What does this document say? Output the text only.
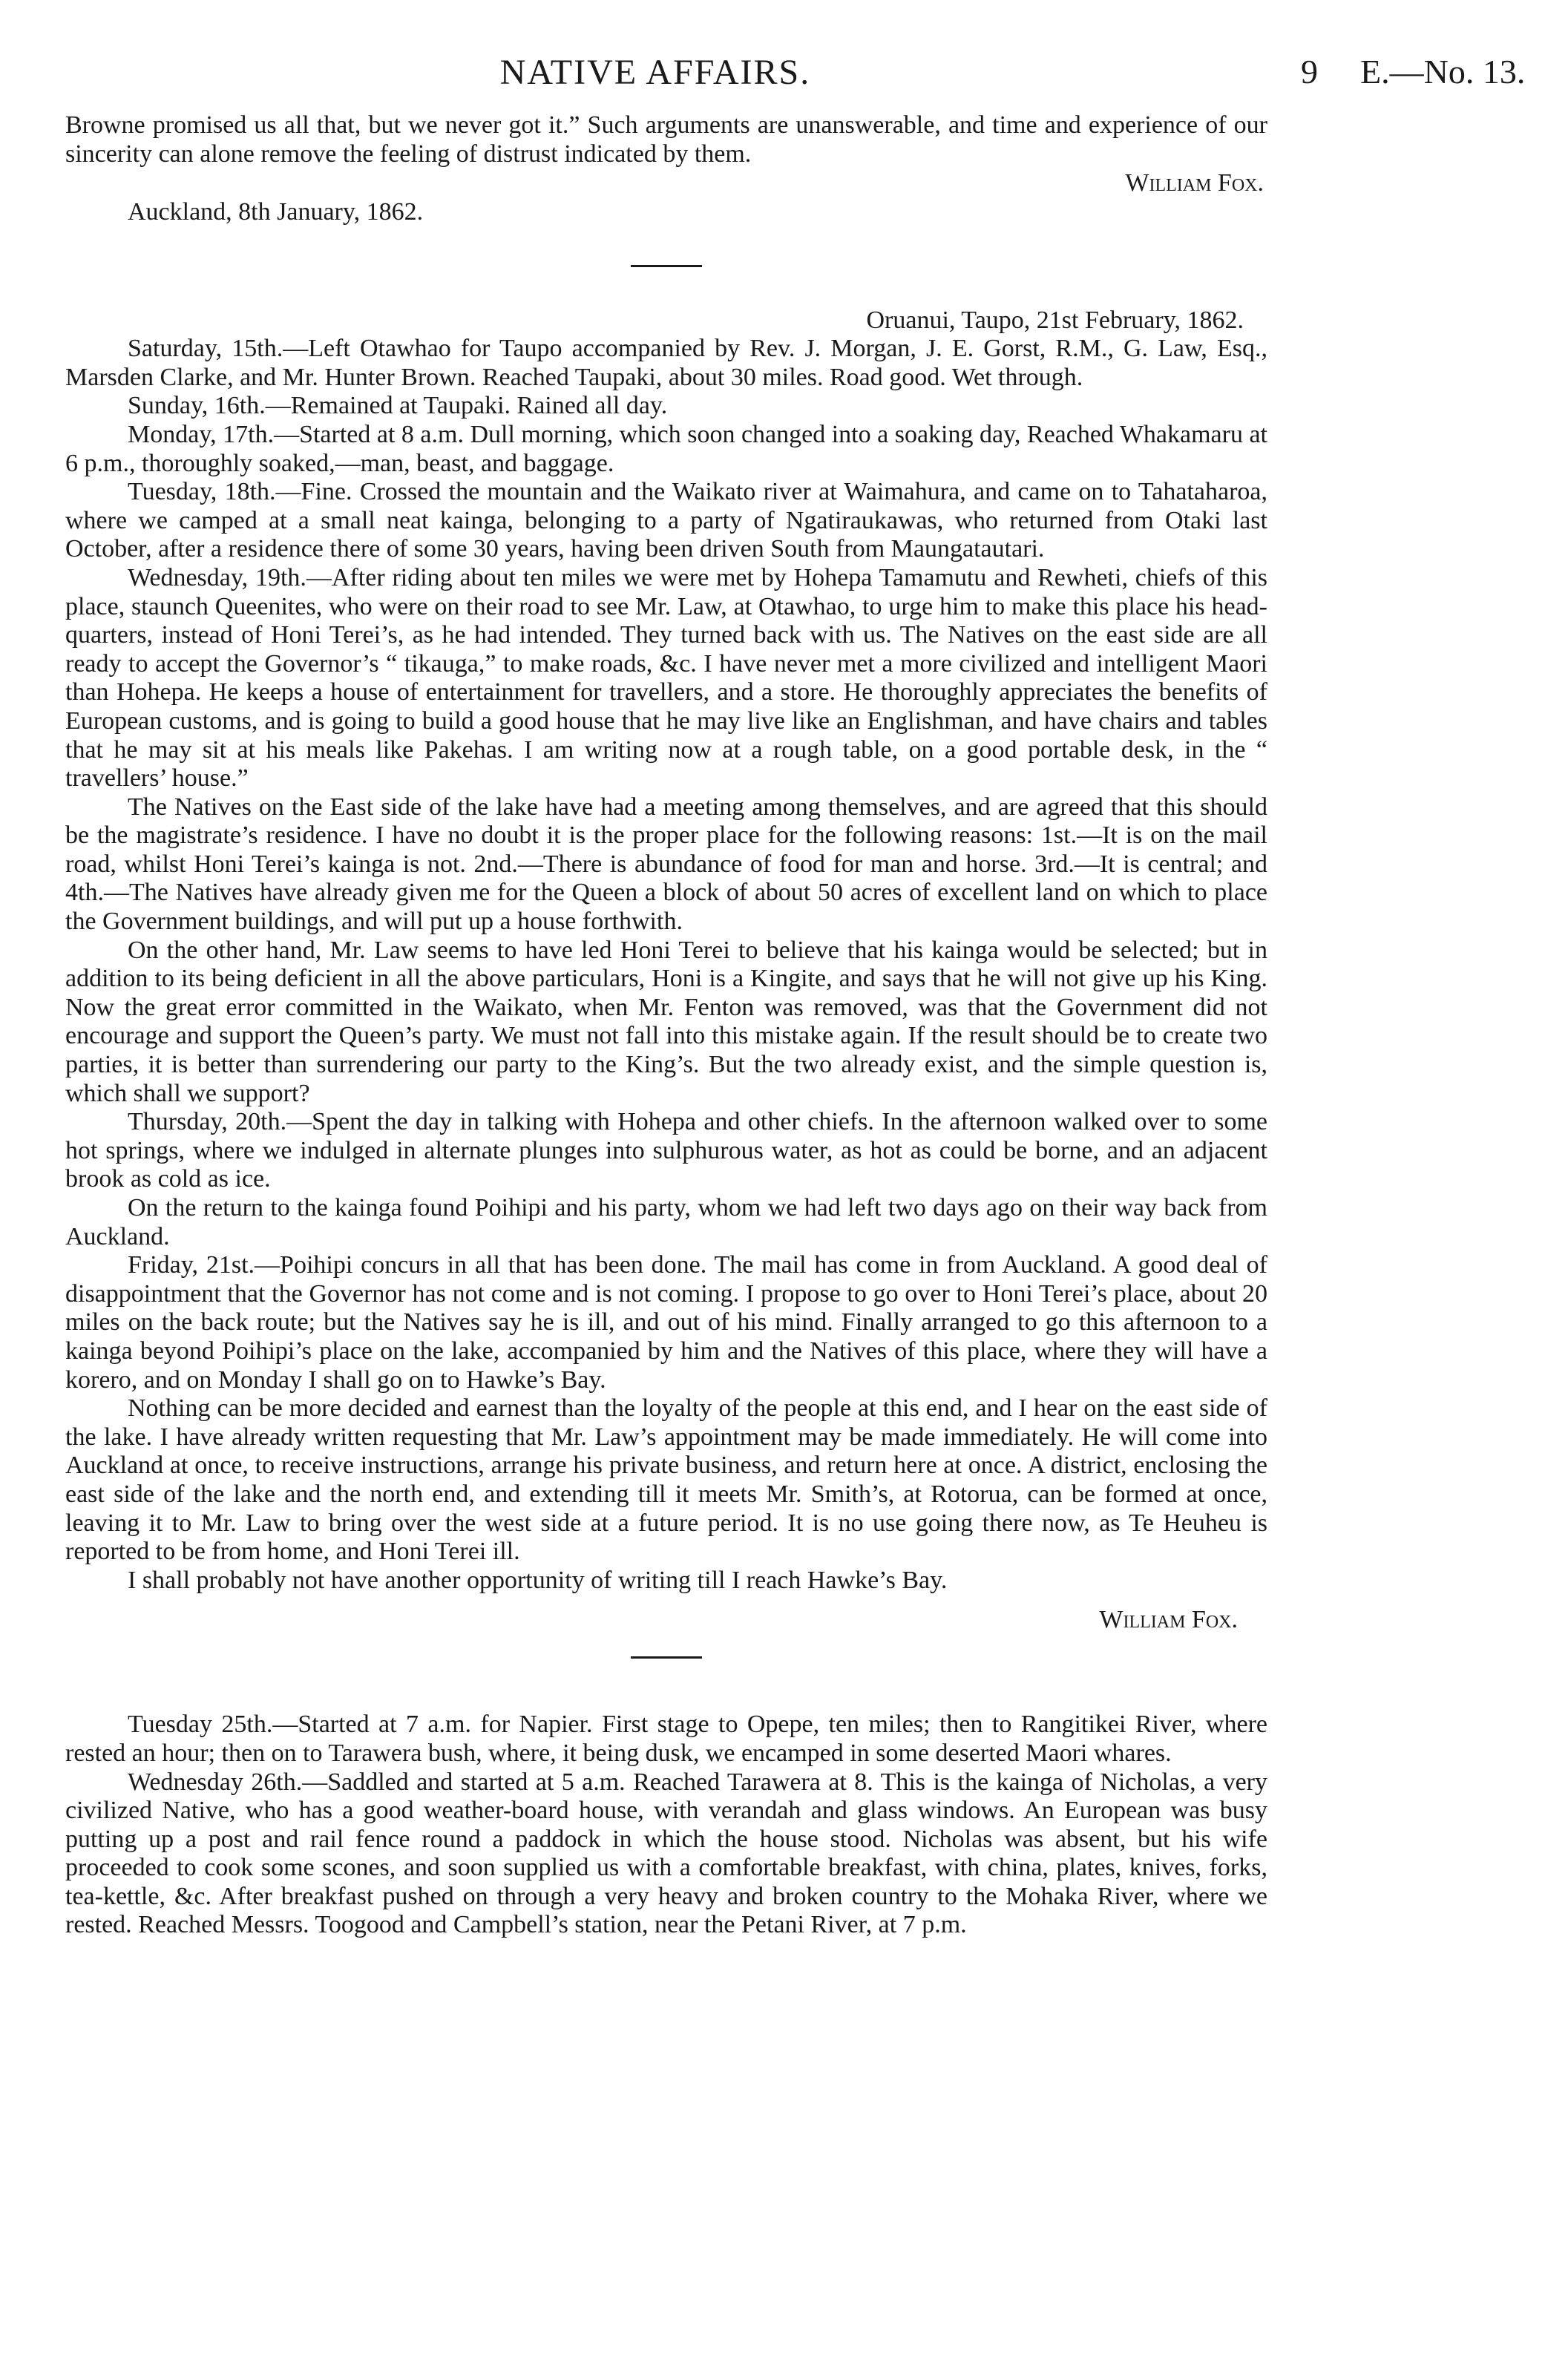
NATIVE AFFAIRS.	9 E.—No. 13.

Browne promised us all that, but we never got it.” Such arguments are unanswerable, and time and experience of our sincerity can alone remove the feeling of distrust indicated by them.

William Fox.
Auckland, 8th January, 1862.
Oruanui, Taupo, 21st February, 1862.

Saturday, 15th.—Left Otawhao for Taupo accompanied by Rev. J. Morgan, J. E. Gorst, R.M., G. Law, Esq., Marsden Clarke, and Mr. Hunter Brown. Reached Taupaki, about 30 miles. Road good. Wet through.

Sunday, 16th.—Remained at Taupaki. Rained all day.

Monday, 17th.—Started at 8 a.m. Dull morning, which soon changed into a soaking day, Reached Whakamaru at 6 p.m., thoroughly soaked,—man, beast, and baggage.

Tuesday, 18th.—Fine. Crossed the mountain and the Waikato river at Waimahura, and came on to Tahataharoa, where we camped at a small neat kainga, belonging to a party of Ngatiraukawas, who returned from Otaki last October, after a residence there of some 30 years, having been driven South from Maungatautari.

Wednesday, 19th.—After riding about ten miles we were met by Hohepa Tamamutu and Rewheti, chiefs of this place, staunch Queenites, who were on their road to see Mr. Law, at Otawhao, to urge him to make this place his head-quarters, instead of Honi Terei’s, as he had intended. They turned back with us. The Natives on the east side are all ready to accept the Governor’s “ tikauga,” to make roads, &c. I have never met a more civilized and intelligent Maori than Hohepa. He keeps a house of entertainment for travellers, and a store. He thoroughly appreciates the benefits of European customs, and is going to build a good house that he may live like an Englishman, and have chairs and tables that he may sit at his meals like Pakehas. I am writing now at a rough table, on a good portable desk, in the “ travellers’ house.”

The Natives on the East side of the lake have had a meeting among themselves, and are agreed that this should be the magistrate’s residence. I have no doubt it is the proper place for the following reasons: 1st.—It is on the mail road, whilst Honi Terei’s kainga is not. 2nd.—There is abundance of food for man and horse. 3rd.—It is central; and 4th.—The Natives have already given me for the Queen a block of about 50 acres of excellent land on which to place the Government buildings, and will put up a house forthwith.

On the other hand, Mr. Law seems to have led Honi Terei to believe that his kainga would be selected; but in addition to its being deficient in all the above particulars, Honi is a Kingite, and says that he will not give up his King. Now the great error committed in the Waikato, when Mr. Fenton was removed, was that the Government did not encourage and support the Queen’s party. We must not fall into this mistake again. If the result should be to create two parties, it is better than surrendering our party to the King’s. But the two already exist, and the simple question is, which shall we support?

Thursday, 20th.—Spent the day in talking with Hohepa and other chiefs. In the afternoon walked over to some hot springs, where we indulged in alternate plunges into sulphurous water, as hot as could be borne, and an adjacent brook as cold as ice.

On the return to the kainga found Poihipi and his party, whom we had left two days ago on their way back from Auckland.

Friday, 21st.—Poihipi concurs in all that has been done. The mail has come in from Auckland. A good deal of disappointment that the Governor has not come and is not coming. I propose to go over to Honi Terei’s place, about 20 miles on the back route; but the Natives say he is ill, and out of his mind. Finally arranged to go this afternoon to a kainga beyond Poihipi’s place on the lake, accompanied by him and the Natives of this place, where they will have a korero, and on Monday I shall go on to Hawke’s Bay.

Nothing can be more decided and earnest than the loyalty of the people at this end, and I hear on the east side of the lake. I have already written requesting that Mr. Law’s appointment may be made immediately. He will come into Auckland at once, to receive instructions, arrange his private business, and return here at once. A district, enclosing the east side of the lake and the north end, and extending till it meets Mr. Smith’s, at Rotorua, can be formed at once, leaving it to Mr. Law to bring over the west side at a future period. It is no use going there now, as Te Heuheu is reported to be from home, and Honi Terei ill.

I shall probably not have another opportunity of writing till I reach Hawke’s Bay.

William Fox.

Tuesday 25th.—Started at 7 a.m. for Napier. First stage to Opepe, ten miles; then to Rangitikei River, where rested an hour; then on to Tarawera bush, where, it being dusk, we encamped in some deserted Maori whares.

Wednesday 26th.—Saddled and started at 5 a.m. Reached Tarawera at 8. This is the kainga of Nicholas, a very civilized Native, who has a good weather-board house, with verandah and glass windows. An European was busy putting up a post and rail fence round a paddock in which the house stood. Nicholas was absent, but his wife proceeded to cook some scones, and soon supplied us with a comfortable breakfast, with china, plates, knives, forks, tea-kettle, &c. After breakfast pushed on through a very heavy and broken country to the Mohaka River, where we rested. Reached Messrs. Toogood and Campbell’s station, near the Petani River, at 7 p.m.
